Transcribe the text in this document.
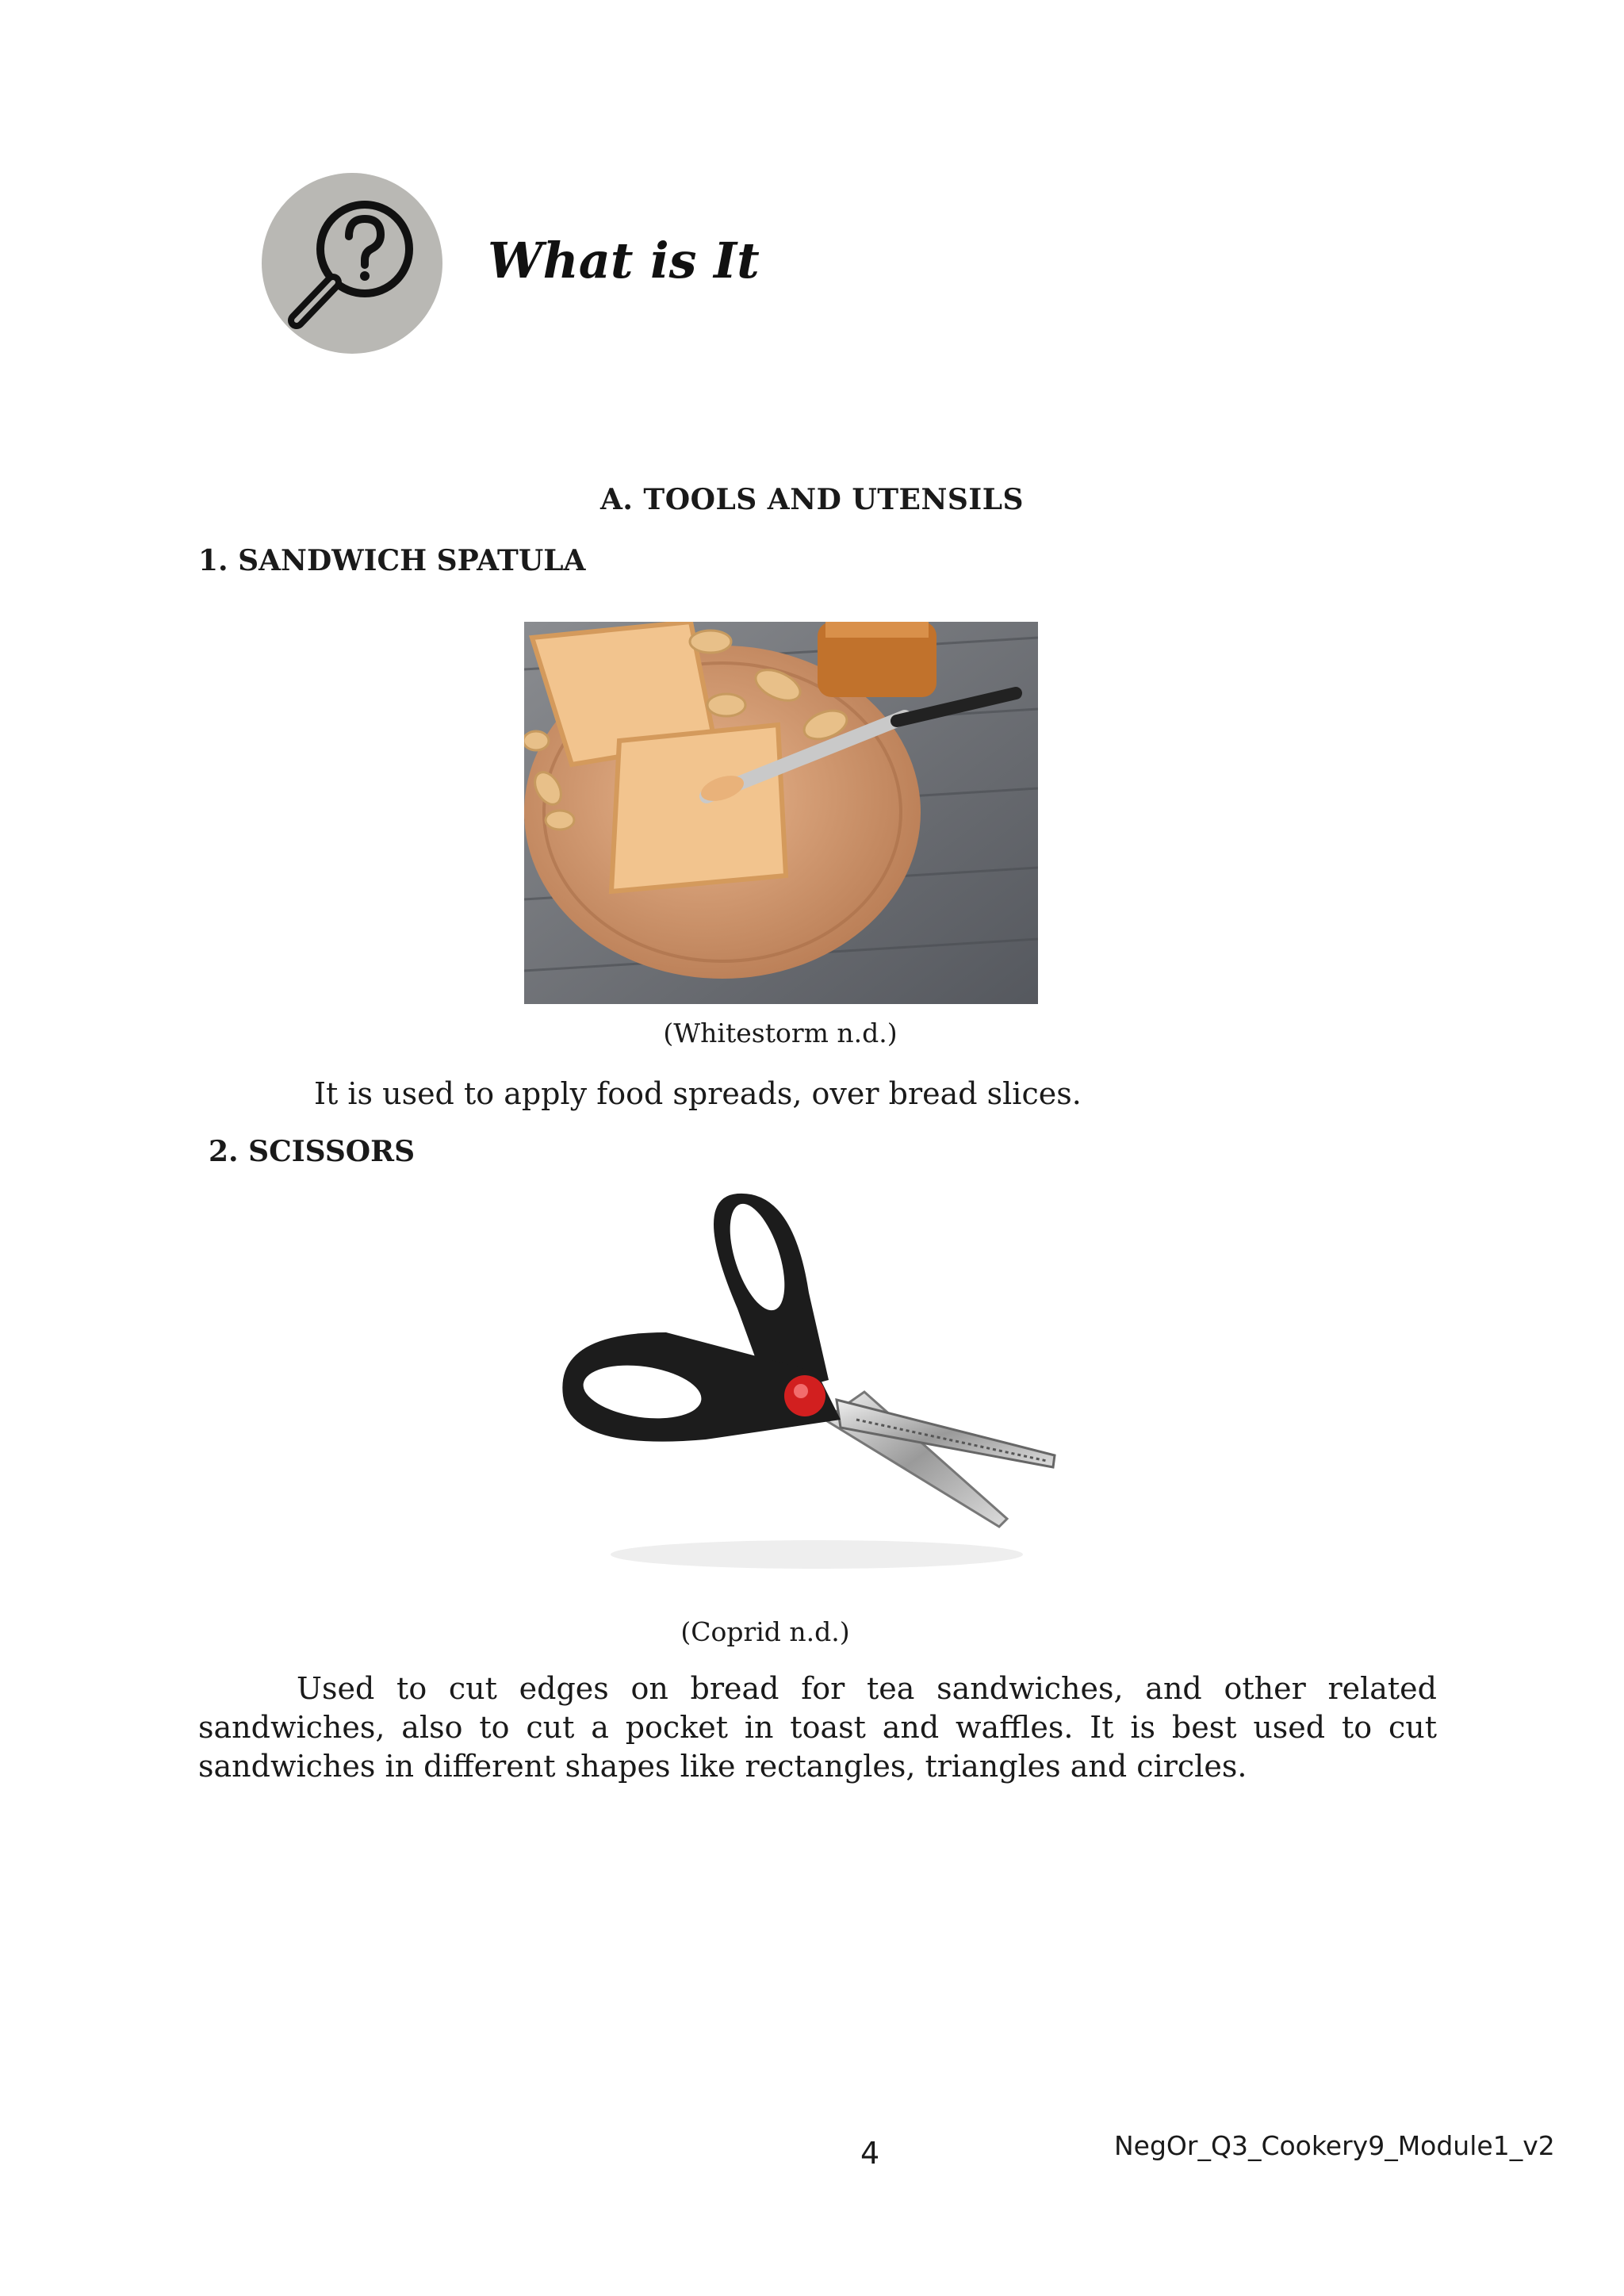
What is It
A. TOOLS AND UTENSILS
1. SANDWICH SPATULA
(Whitestorm n.d.)
It is used to apply food spreads, over bread slices.
2. SCISSORS
(Coprid n.d.)
Used to cut edges on bread for tea sandwiches, and other related sandwiches, also to cut a pocket in toast and waffles. It is best used to cut sandwiches in different shapes like rectangles, triangles and circles.
4	NegOr_Q3_Cookery9_Module1_v2
